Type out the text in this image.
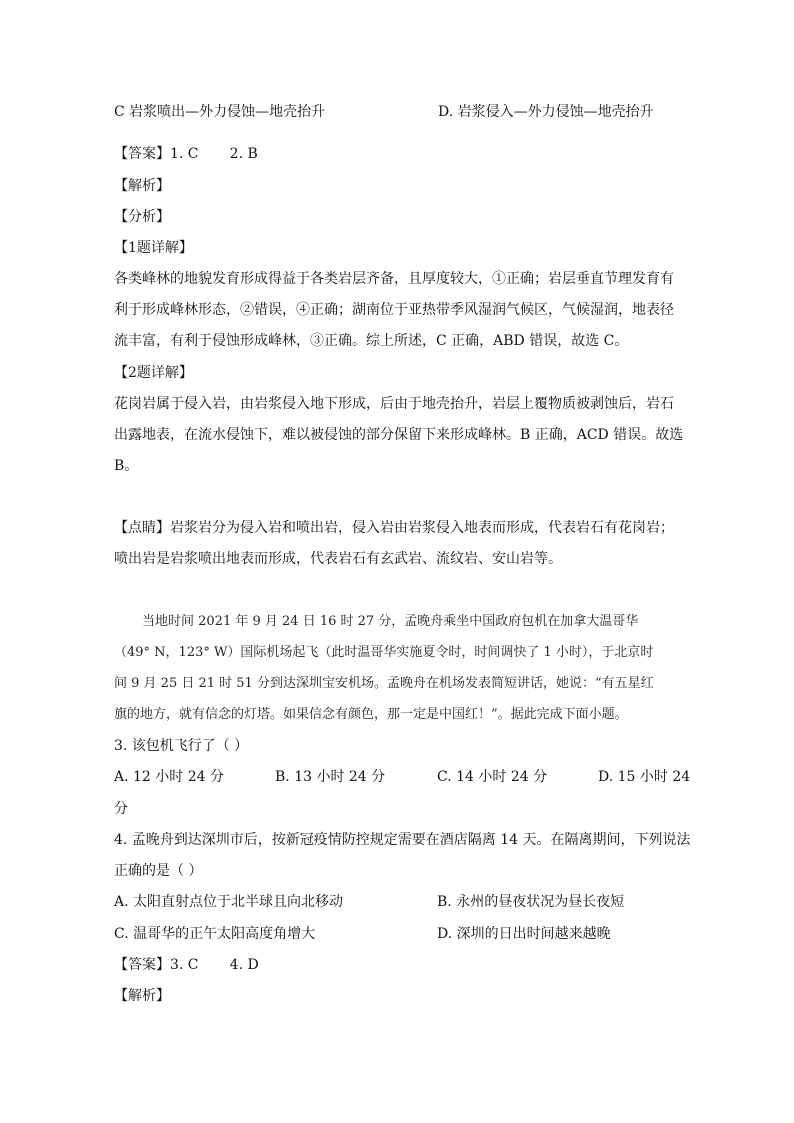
C 岩浆喷出—外力侵蚀—地壳抬升	D. 岩浆侵入—外力侵蚀—地壳抬升
【答案】1. C       2. B
【解析】
【分析】
【1题详解】
各类峰林的地貌发育形成得益于各类岩层齐备，且厚度较大，①正确；岩层垂直节理发育有
利于形成峰林形态，②错误，④正确；湖南位于亚热带季风湿润气候区，气候湿润，地表径
流丰富，有利于侵蚀形成峰林，③正确。综上所述，C 正确，ABD 错误，故选 C。
【2题详解】
花岗岩属于侵入岩，由岩浆侵入地下形成，后由于地壳抬升，岩层上覆物质被剥蚀后，岩石
出露地表，在流水侵蚀下，难以被侵蚀的部分保留下来形成峰林。B 正确，ACD 错误。故选
B。
【点睛】岩浆岩分为侵入岩和喷出岩，侵入岩由岩浆侵入地表而形成，代表岩石有花岗岩；
喷出岩是岩浆喷出地表而形成，代表岩石有玄武岩、流纹岩、安山岩等。
当地时间 2021 年 9 月 24 日 16 时 27 分，孟晚舟乘坐中国政府包机在加拿大温哥华
（49° N，123° W）国际机场起飞（此时温哥华实施夏令时，时间调快了 1 小时），于北京时
间 9 月 25 日 21 时 51 分到达深圳宝安机场。孟晚舟在机场发表简短讲话，她说：“有五星红
旗的地方，就有信念的灯塔。如果信念有颜色，那一定是中国红！”。据此完成下面小题。
3. 该包机飞行了（ ）
A. 12 小时 24 分	B. 13 小时 24 分	C. 14 小时 24 分	D. 15 小时 24
分
4. 孟晚舟到达深圳市后，按新冠疫情防控规定需要在酒店隔离 14 天。在隔离期间，下列说法
正确的是（ ）
A. 太阳直射点位于北半球且向北移动	B. 永州的昼夜状况为昼长夜短
C. 温哥华的正午太阳高度角增大	D. 深圳的日出时间越来越晚
【答案】3. C       4. D
【解析】
